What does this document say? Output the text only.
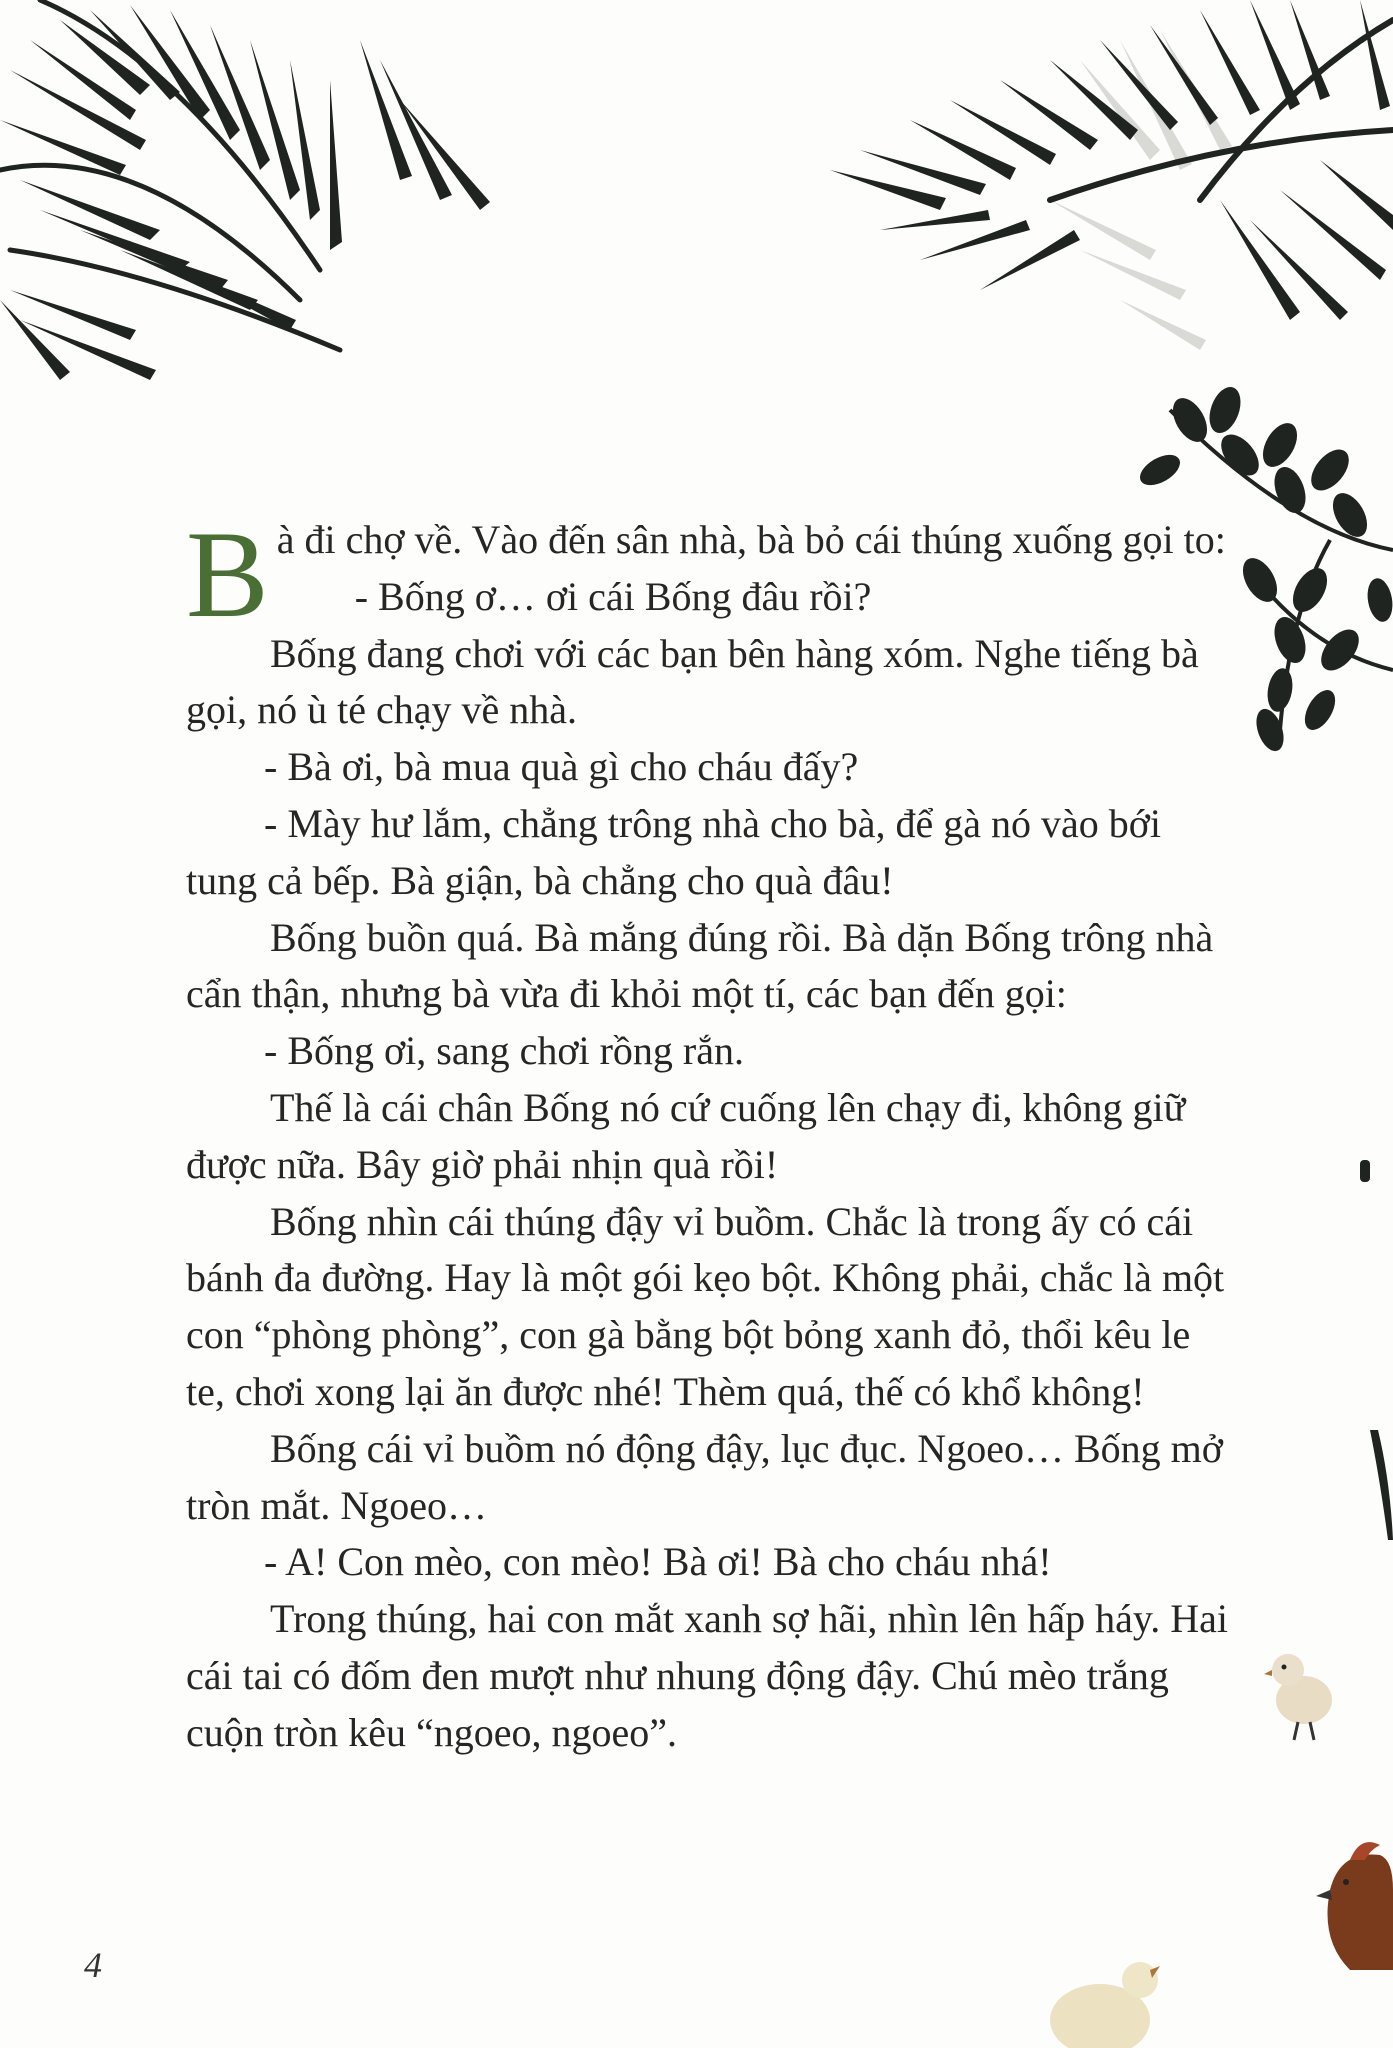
Bà đi chợ về. Vào đến sân nhà, bà bỏ cái thúng xuống gọi to:

- Bống ơ… ơi cái Bống đâu rồi?

Bống đang chơi với các bạn bên hàng xóm. Nghe tiếng bà gọi, nó ù té chạy về nhà.

- Bà ơi, bà mua quà gì cho cháu đấy?

- Mày hư lắm, chẳng trông nhà cho bà, để gà nó vào bới tung cả bếp. Bà giận, bà chẳng cho quà đâu!

Bống buồn quá. Bà mắng đúng rồi. Bà dặn Bống trông nhà cẩn thận, nhưng bà vừa đi khỏi một tí, các bạn đến gọi:

- Bống ơi, sang chơi rồng rắn.

Thế là cái chân Bống nó cứ cuống lên chạy đi, không giữ được nữa. Bây giờ phải nhịn quà rồi!

Bống nhìn cái thúng đậy vỉ buồm. Chắc là trong ấy có cái bánh đa đường. Hay là một gói kẹo bột. Không phải, chắc là một con “phòng phòng”, con gà bằng bột bỏng xanh đỏ, thổi kêu le te, chơi xong lại ăn được nhé! Thèm quá, thế có khổ không!

Bống cái vỉ buồm nó động đậy, lục đục. Ngoeo… Bống mở tròn mắt. Ngoeo…

- A! Con mèo, con mèo! Bà ơi! Bà cho cháu nhá!

Trong thúng, hai con mắt xanh sợ hãi, nhìn lên hấp háy. Hai cái tai có đốm đen mượt như nhung động đậy. Chú mèo trắng cuộn tròn kêu “ngoeo, ngoeo”.

4
